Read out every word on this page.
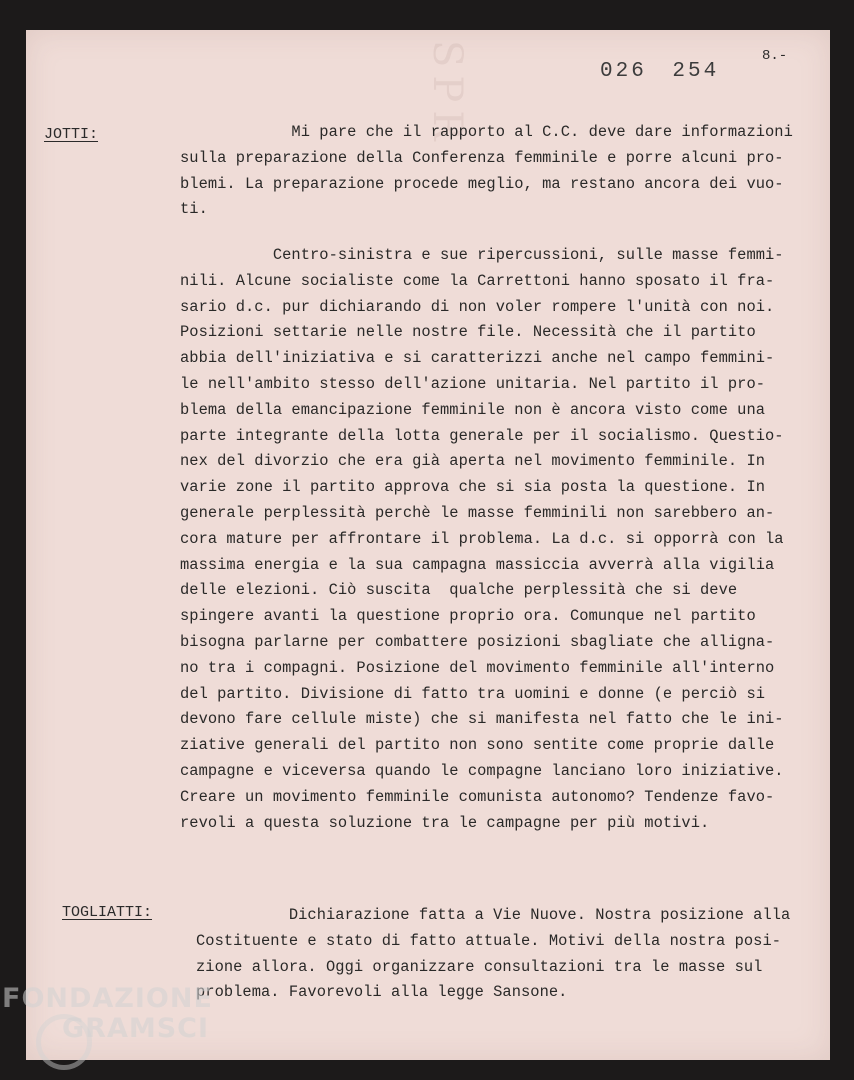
SPR	8.-
026 254
JOTTI:	Mi pare che il rapporto al C.C. deve dare informazioni
sulla preparazione della Conferenza femminile e porre alcuni pro-
blemi. La preparazione procede meglio, ma restano ancora dei vuo-
ti.
Centro-sinistra e sue ripercussioni, sulle masse femmi-
nili. Alcune socialiste come la Carrettoni hanno sposato il fra-
sario d.c. pur dichiarando di non voler rompere l'unità con noi.
Posizioni settarie nelle nostre file. Necessità che il partito
abbia dell'iniziativa e si caratterizzi anche nel campo femmini-
le nell'ambito stesso dell'azione unitaria. Nel partito il pro-
blema della emancipazione femminile non è ancora visto come una
parte integrante della lotta generale per il socialismo. Questio-
nex del divorzio che era già aperta nel movimento femminile. In
varie zone il partito approva che si sia posta la questione. In
generale perplessità perchè le masse femminili non sarebbero an-
cora mature per affrontare il problema. La d.c. si opporrà con la
massima energia e la sua campagna massiccia avverrà alla vigilia
delle elezioni. Ciò suscita  qualche perplessità che si deve
spingere avanti la questione proprio ora. Comunque nel partito
bisogna parlarne per combattere posizioni sbagliate che alligna-
no tra i compagni. Posizione del movimento femminile all'interno
del partito. Divisione di fatto tra uomini e donne (e perciò si
devono fare cellule miste) che si manifesta nel fatto che le ini-
ziative generali del partito non sono sentite come proprie dalle
campagne e viceversa quando le compagne lanciano loro iniziative.
Creare un movimento femminile comunista autonomo? Tendenze favo-
revoli a questa soluzione tra le campagne per più motivi.
TOGLIATTI:	Dichiarazione fatta a Vie Nuove. Nostra posizione alla
Costituente e stato di fatto attuale. Motivi della nostra posi-
zione allora. Oggi organizzare consultazioni tra le masse sul
problema. Favorevoli alla legge Sansone.
FONDAZIONE
GRAMSCI
